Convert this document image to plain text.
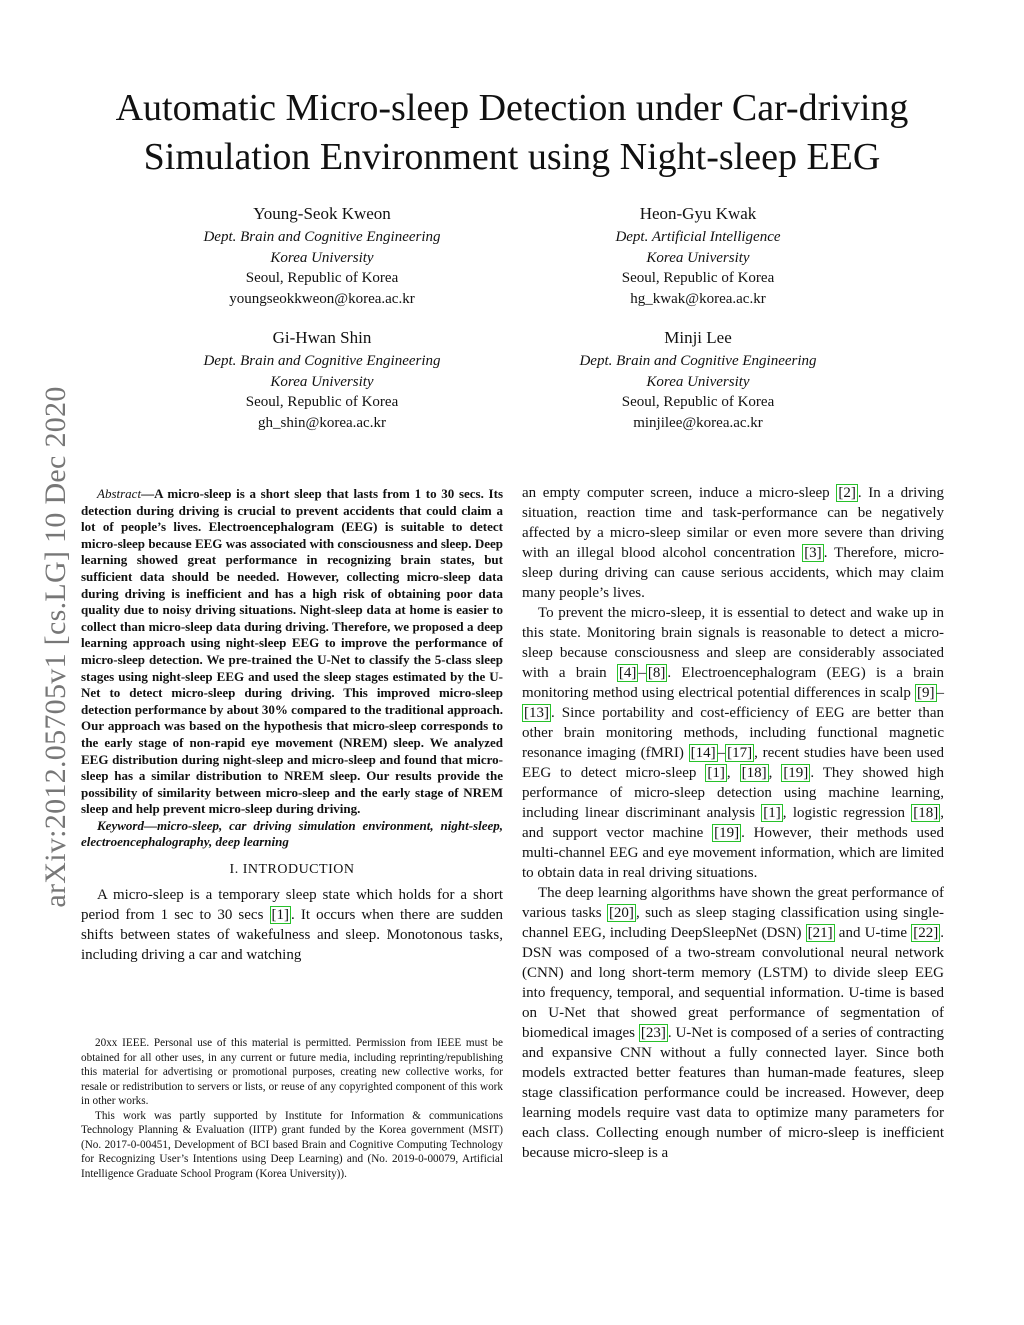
Automatic Micro-sleep Detection under Car-driving
Simulation Environment using Night-sleep EEG
Young-Seok Kweon
Dept. Brain and Cognitive Engineering
Korea University
Seoul, Republic of Korea
youngseokkweon@korea.ac.kr
Heon-Gyu Kwak
Dept. Artificial Intelligence
Korea University
Seoul, Republic of Korea
hg_kwak@korea.ac.kr
Gi-Hwan Shin
Dept. Brain and Cognitive Engineering
Korea University
Seoul, Republic of Korea
gh_shin@korea.ac.kr
Minji Lee
Dept. Brain and Cognitive Engineering
Korea University
Seoul, Republic of Korea
minjilee@korea.ac.kr
arXiv:2012.05705v1 [cs.LG] 10 Dec 2020	Abstract—A micro-sleep is a short sleep that lasts from 1 to 30 secs. Its detection during driving is crucial to prevent accidents that could claim a lot of people’s lives. Electroencephalogram (EEG) is suitable to detect micro-sleep because EEG was associated with consciousness and sleep. Deep learning showed great performance in recognizing brain states, but sufficient data should be needed. However, collecting micro-sleep data during driving is inefficient and has a high risk of obtaining poor data quality due to noisy driving situations. Night-sleep data at home is easier to collect than micro-sleep data during driving. Therefore, we proposed a deep learning approach using night-sleep EEG to improve the performance of micro-sleep detection. We pre-trained the U-Net to classify the 5-class sleep stages using night-sleep EEG and used the sleep stages estimated by the U-Net to detect micro-sleep during driving. This improved micro-sleep detection performance by about 30% compared to the traditional approach. Our approach was based on the hypothesis that micro-sleep corresponds to the early stage of non-rapid eye movement (NREM) sleep. We analyzed EEG distribution during night-sleep and micro-sleep and found that micro-sleep has a similar distribution to NREM sleep. Our results provide the possibility of similarity between micro-sleep and the early stage of NREM sleep and help prevent micro-sleep during driving.

Keyword—micro-sleep, car driving simulation environment, night-sleep, electroencephalography, deep learning

I. INTRODUCTION

A micro-sleep is a temporary sleep state which holds for a short period from 1 sec to 30 secs [1] . It occurs when there are sudden shifts between states of wakefulness and sleep. Monotonous tasks, including driving a car and watching

20xx IEEE. Personal use of this material is permitted. Permission from IEEE must be obtained for all other uses, in any current or future media, including reprinting/republishing this material for advertising or promotional purposes, creating new collective works, for resale or redistribution to servers or lists, or reuse of any copyrighted component of this work in other works.

This work was partly supported by Institute for Information & communications Technology Planning & Evaluation (IITP) grant funded by the Korea government (MSIT) (No. 2017-0-00451, Development of BCI based Brain and Cognitive Computing Technology for Recognizing User’s Intentions using Deep Learning) and (No. 2019-0-00079, Artificial Intelligence Graduate School Program (Korea University)).

an empty computer screen, induce a micro-sleep [2] . In a driving situation, reaction time and task-performance can be negatively affected by a micro-sleep similar or even more severe than driving with an illegal blood alcohol concentration [3] . Therefore, micro-sleep during driving can cause serious accidents, which may claim many people’s lives.

To prevent the micro-sleep, it is essential to detect and wake up in this state. Monitoring brain signals is reasonable to detect a micro-sleep because consciousness and sleep are considerably associated with a brain [4] – [8] . Electroencephalogram (EEG) is a brain monitoring method using electrical potential differences in scalp [9] –[13] . Since portability and cost-efficiency of EEG are better than other brain monitoring methods, including functional magnetic resonance imaging (fMRI) [14] – [17] , recent studies have been used EEG to detect micro-sleep [1] , [18] , [19] . They showed high performance of micro-sleep detection using machine learning, including linear discriminant analysis [1] , logistic regression [18] , and support vector machine [19] . However, their methods used multi-channel EEG and eye movement information, which are limited to obtain data in real driving situations.

The deep learning algorithms have shown the great performance of various tasks [20] , such as sleep staging classification using single-channel EEG, including DeepSleepNet (DSN) [21] and U-time [22] . DSN was composed of a two-stream convolutional neural network (CNN) and long short-term memory (LSTM) to divide sleep EEG into frequency, temporal, and sequential information. U-time is based on U-Net that showed great performance of segmentation of biomedical images [23] . U-Net is composed of a series of contracting and expansive CNN without a fully connected layer. Since both models extracted better features than human-made features, sleep stage classification performance could be increased. However, deep learning models require vast data to optimize many parameters for each class. Collecting enough number of micro-sleep is inefficient because micro-sleep is a
